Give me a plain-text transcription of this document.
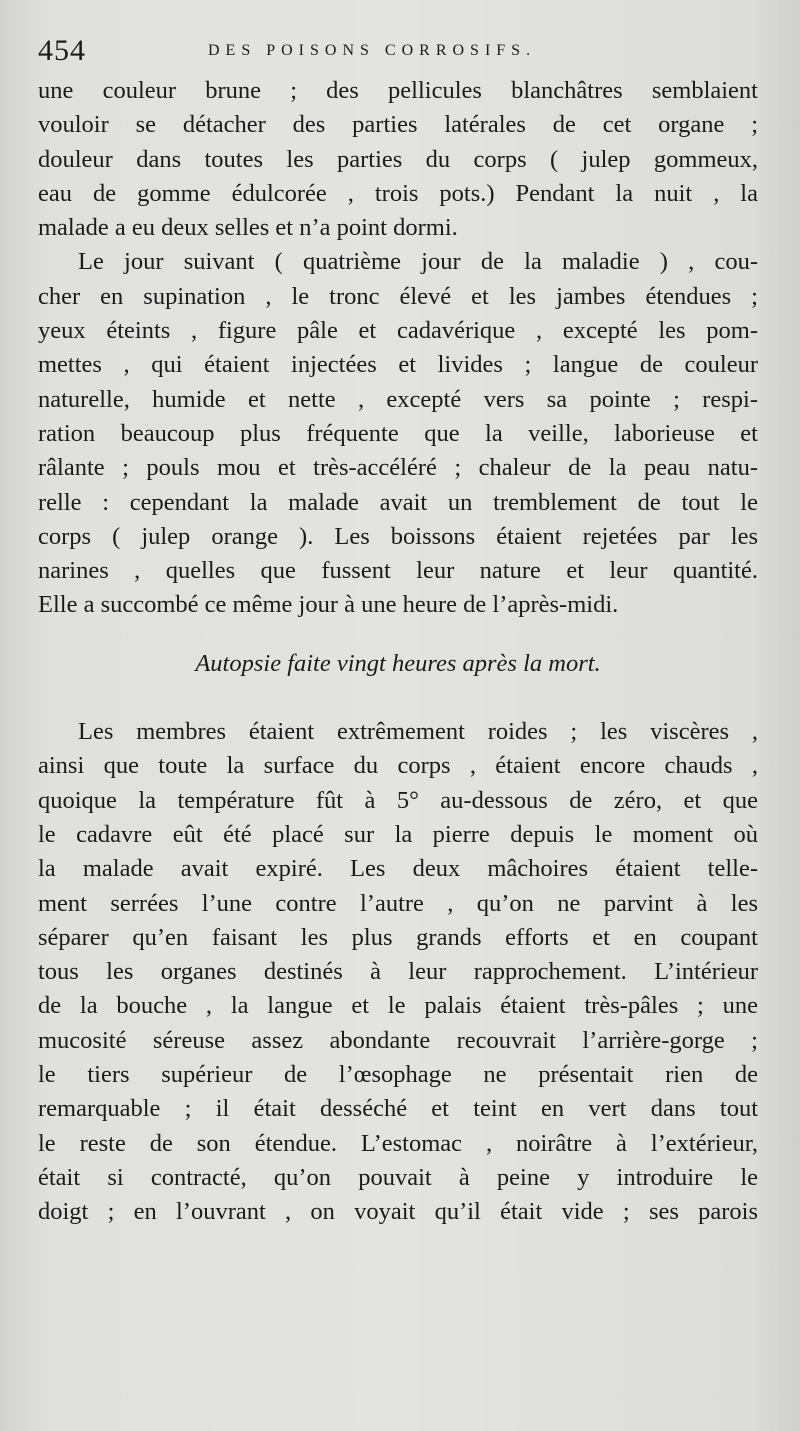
454	DES POISONS CORROSIFS.
une couleur brune ; des pellicules blanchâtres semblaient
vouloir se détacher des parties latérales de cet organe ;
douleur dans toutes les parties du corps ( julep gommeux,
eau de gomme édulcorée , trois pots.) Pendant la nuit , la
malade a eu deux selles et n’a point dormi.
Le jour suivant ( quatrième jour de la maladie ) , cou-
cher en supination , le tronc élevé et les jambes étendues ;
yeux éteints , figure pâle et cadavérique , excepté les pom-
mettes , qui étaient injectées et livides ; langue de couleur
naturelle, humide et nette , excepté vers sa pointe ; respi-
ration beaucoup plus fréquente que la veille, laborieuse et
râlante ; pouls mou et très-accéléré ; chaleur de la peau natu-
relle : cependant la malade avait un tremblement de tout le
corps ( julep orange ). Les boissons étaient rejetées par les
narines , quelles que fussent leur nature et leur quantité.
Elle a succombé ce même jour à une heure de l’après-midi.
Autopsie faite vingt heures après la mort.
Les membres étaient extrêmement roides ; les viscères ,
ainsi que toute la surface du corps , étaient encore chauds ,
quoique la température fût à 5° au-dessous de zéro, et que
le cadavre eût été placé sur la pierre depuis le moment où
la malade avait expiré. Les deux mâchoires étaient telle-
ment serrées l’une contre l’autre , qu’on ne parvint à les
séparer qu’en faisant les plus grands efforts et en coupant
tous les organes destinés à leur rapprochement. L’intérieur
de la bouche , la langue et le palais étaient très-pâles ; une
mucosité séreuse assez abondante recouvrait l’arrière-gorge ;
le tiers supérieur de l’œsophage ne présentait rien de
remarquable ; il était desséché et teint en vert dans tout
le reste de son étendue. L’estomac , noirâtre à l’extérieur,
était si contracté, qu’on pouvait à peine y introduire le
doigt ; en l’ouvrant , on voyait qu’il était vide ; ses parois
